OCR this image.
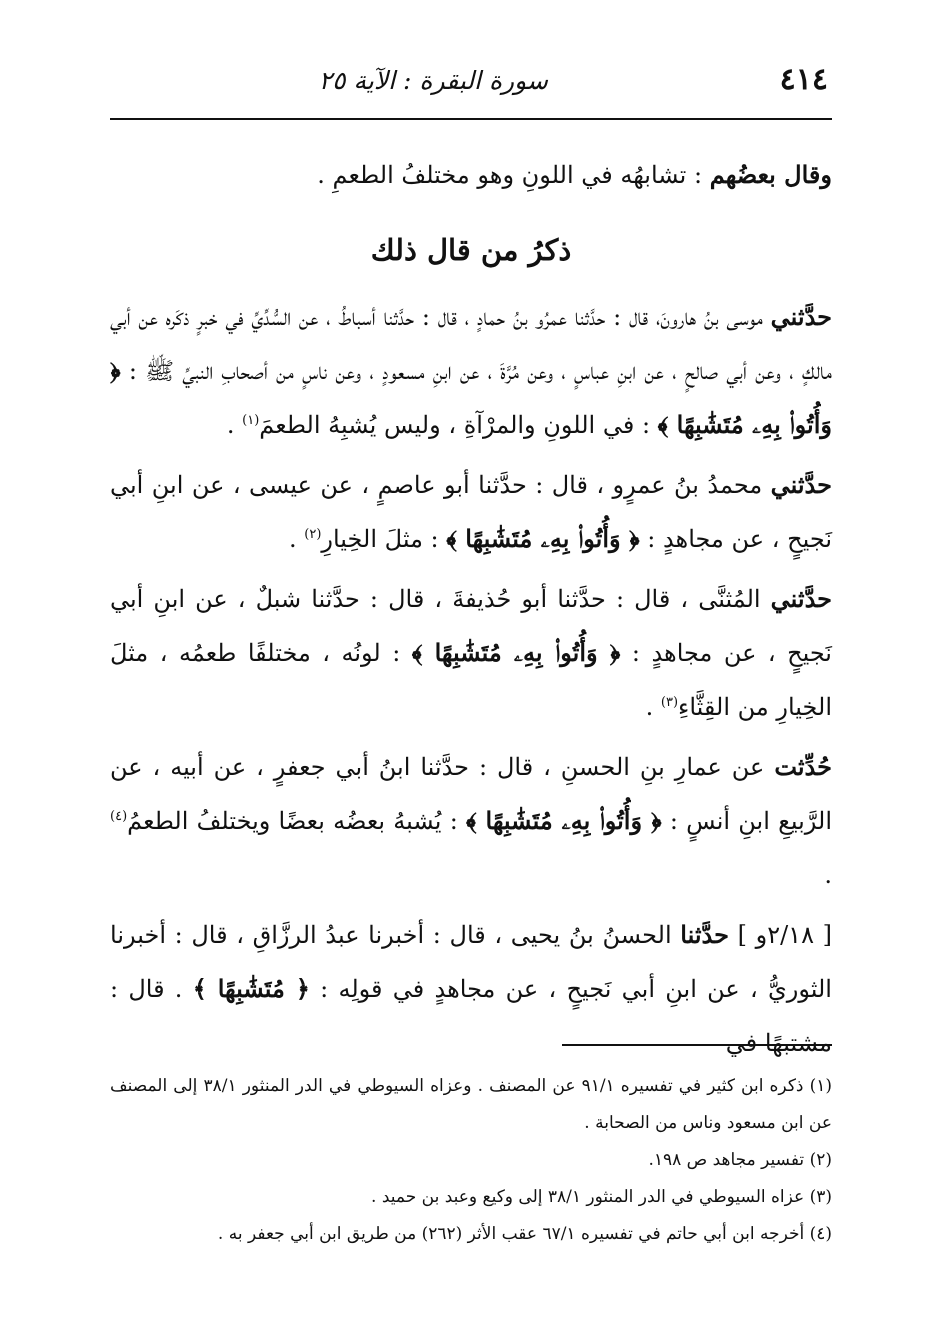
٤١٤
سورة البقرة : الآية ٢٥

وقال بعضُهم : تشابهُه في اللونِ وهو مختلفُ الطعمِ .

ذكرُ من قال ذلك

حدَّثني موسى بنُ هارونَ، قال : حدَّثنا عمرُو بنُ حمادٍ ، قال : حدَّثنا أسباطُ ، عن السُّدِّيِّ في خبرٍ ذكَره عن أبي مالكٍ ، وعن أبي صالحٍ ، عن ابنِ عباسٍ ، وعن مُرَّةَ ، عن ابنِ مسعودٍ ، وعن ناسٍ من أصحابِ النبيِّ ﷺ : ﴿ وَأُتُوا۟ بِهِۦ مُتَشَٰبِهًا ﴾ : في اللونِ والمرْآةِ ، وليس يُشبِهُ الطعمَ$^{(١)}$ .

حدَّثني محمدُ بنُ عمرٍو ، قال : حدَّثنا أبو عاصمٍ ، عن عيسى ، عن ابنِ أبي نَجيحٍ ، عن مجاهدٍ : ﴿ وَأُتُوا۟ بِهِۦ مُتَشَٰبِهًا ﴾ : مثلَ الخِيارِ$^{(٢)}$ .

حدَّثني المُثنَّى ، قال : حدَّثنا أبو حُذيفةَ ، قال : حدَّثنا شبلٌ ، عن ابنِ أبي نَجيحٍ ، عن مجاهدٍ : ﴿ وَأُتُوا۟ بِهِۦ مُتَشَٰبِهًا ﴾ : لونُه ، مختلفًا طعمُه ، مثلَ الخِيارِ من القِثَّاءِ$^{(٣)}$ .

حُدِّثت عن عمارِ بنِ الحسنِ ، قال : حدَّثنا ابنُ أبي جعفرٍ ، عن أبيه ، عن الرَّبيعِ ابنِ أنسٍ : ﴿ وَأُتُوا۟ بِهِۦ مُتَشَٰبِهًا ﴾ : يُشبهُ بعضُه بعضًا ويختلفُ الطعمُ$^{(٤)}$ .

[ ٢/١٨و ] حدَّثنا الحسنُ بنُ يحيى ، قال : أخبرنا عبدُ الرزَّاقِ ، قال : أخبرنا الثوريُّ ، عن ابنِ أبي نَجيحٍ ، عن مجاهدٍ في قولِه : ﴿ مُتَشَٰبِهًا ﴾ . قال : مشتبهًا في

(١) ذكره ابن كثير في تفسيره ٩١/١ عن المصنف . وعزاه السيوطي في الدر المنثور ٣٨/١ إلى المصنف عن ابن مسعود وناس من الصحابة .

(٢) تفسير مجاهد ص ١٩٨.

(٣) عزاه السيوطي في الدر المنثور ٣٨/١ إلى وكيع وعبد بن حميد .

(٤) أخرجه ابن أبي حاتم في تفسيره ٦٧/١ عقب الأثر (٢٦٢) من طريق ابن أبي جعفر به .
